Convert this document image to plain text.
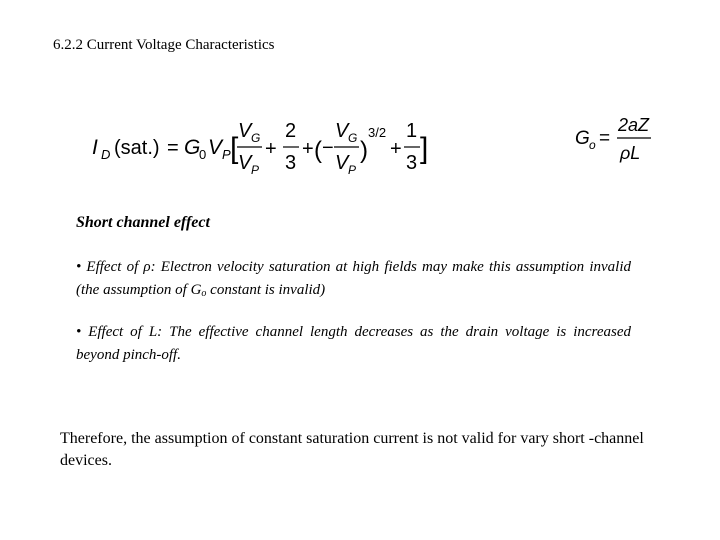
6.2.2 Current Voltage Characteristics
I D (sat.) = G
0 V P [
V G
V P
+
2
3
+ ( −
V G
V P
)
3/2
+
1
3 ]	G o =
2aZ
ρL
Short channel effect
• Effect of ρ: Electron velocity saturation at high fields may make this assumption invalid (the assumption of $G_o$ constant is invalid)
• Effect of L: The effective channel length decreases as the drain voltage is increased beyond pinch-off.
Therefore, the assumption of constant saturation current is not valid for vary short -channel devices.
